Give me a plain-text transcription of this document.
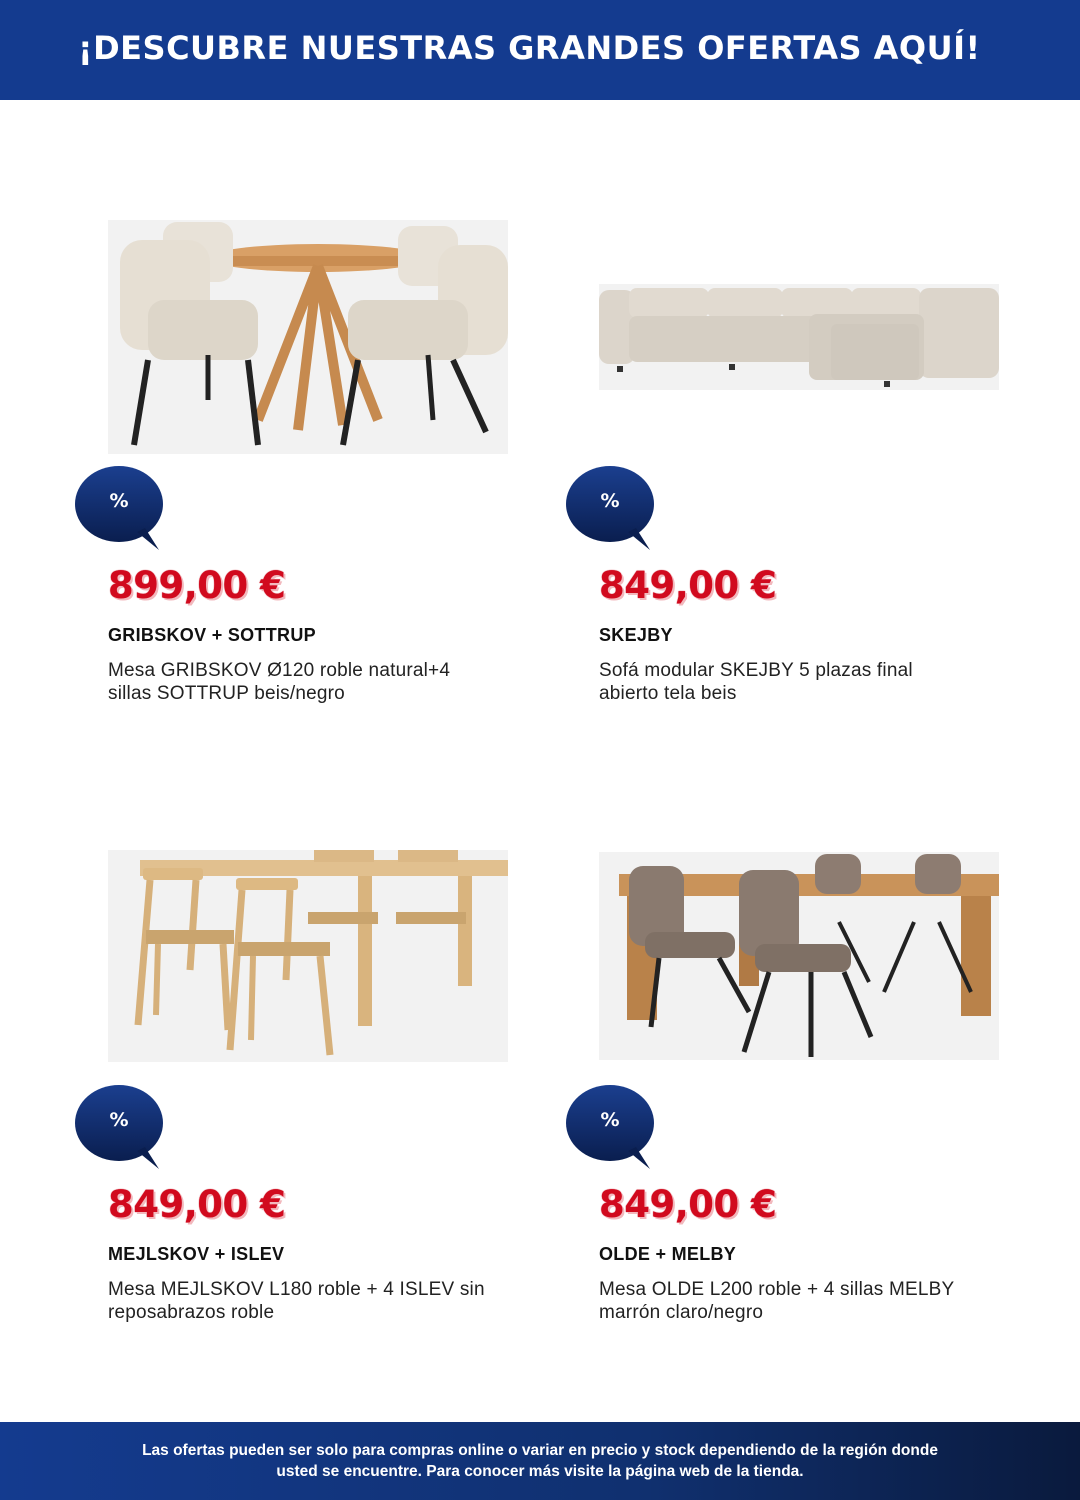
¡DESCUBRE NUESTRAS GRANDES OFERTAS AQUÍ!
%
899,00 €
GRIBSKOV + SOTTRUP
Mesa GRIBSKOV Ø120 roble natural+4
sillas SOTTRUP beis/negro
%
849,00 €
SKEJBY
Sofá modular SKEJBY 5 plazas final
abierto tela beis
%
849,00 €
MEJLSKOV + ISLEV
Mesa MEJLSKOV L180 roble + 4 ISLEV sin
reposabrazos roble
%
849,00 €
OLDE + MELBY
Mesa OLDE L200 roble + 4 sillas MELBY
marrón claro/negro

Las ofertas pueden ser solo para compras online o variar en precio y stock dependiendo de la región donde
usted se encuentre. Para conocer más visite la página web de la tienda.
